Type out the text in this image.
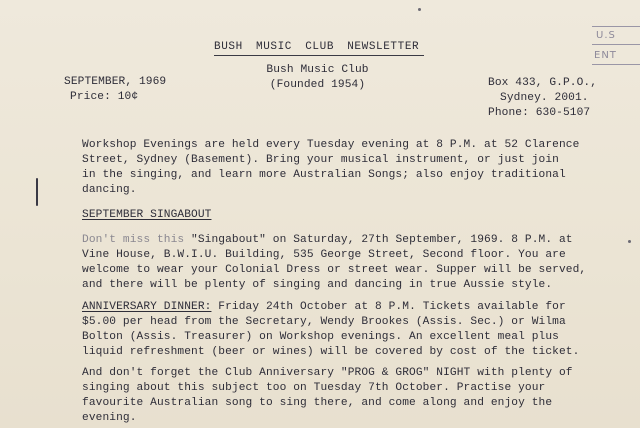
BUSH MUSIC CLUB NEWSLETTER
Bush Music Club
(Founded 1954)
SEPTEMBER, 1969
Price: 10¢
Box 433, G.P.O.,
Sydney. 2001.
Phone: 630-5107
U.S
ENT
Workshop Evenings are held every Tuesday evening at 8 P.M. at 52 Clarence
Street, Sydney (Basement). Bring your musical instrument, or just join
in the singing, and learn more Australian Songs; also enjoy traditional
dancing.
SEPTEMBER SINGABOUT
Don't miss this "Singabout" on Saturday, 27th September, 1969. 8 P.M. at
Vine House, B.W.I.U. Building, 535 George Street, Second floor. You are
welcome to wear your Colonial Dress or street wear. Supper will be served,
and there will be plenty of singing and dancing in true Aussie style.
ANNIVERSARY DINNER: Friday 24th October at 8 P.M. Tickets available for
$5.00 per head from the Secretary, Wendy Brookes (Assis. Sec.) or Wilma
Bolton (Assis. Treasurer) on Workshop evenings. An excellent meal plus
liquid refreshment (beer or wines) will be covered by cost of the ticket.
And don't forget the Club Anniversary "PROG & GROG" NIGHT with plenty of
singing about this subject too on Tuesday 7th October. Practise your
favourite Australian song to sing there, and come along and enjoy the
evening.
